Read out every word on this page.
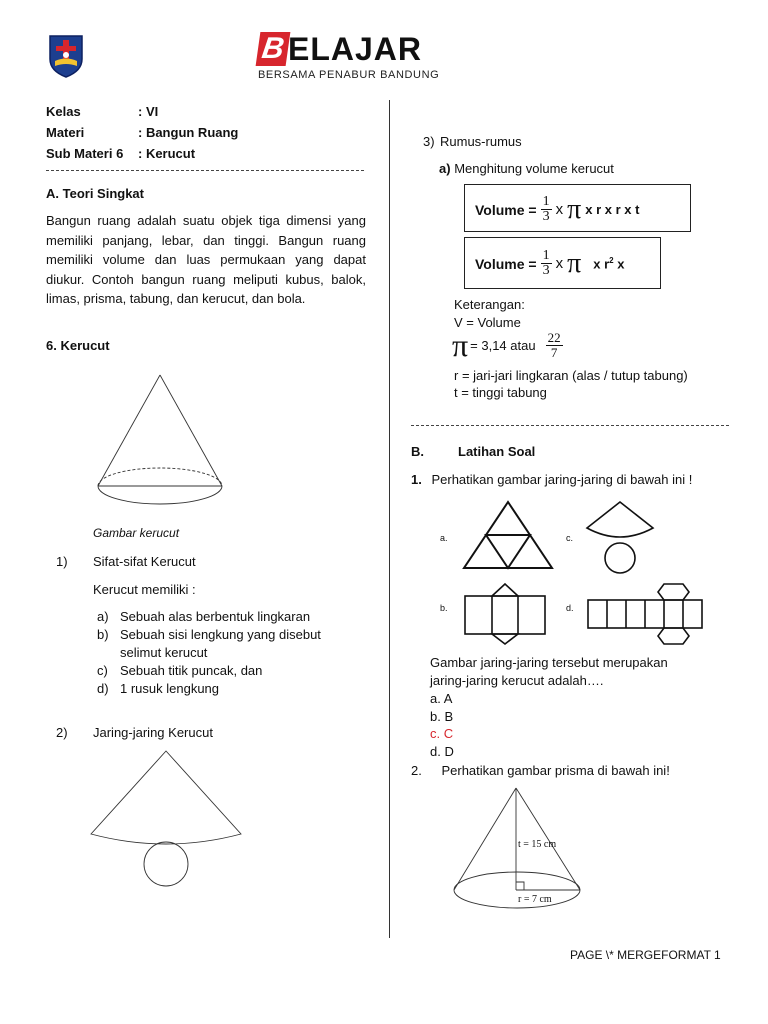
BELAJAR
BERSAMA PENABUR BANDUNG
Kelas	: VI
Materi	: Bangun Ruang
Sub Materi 6 : Kerucut
A. Teori Singkat
Bangun ruang adalah suatu objek tiga dimensi yang memiliki panjang, lebar, dan tinggi. Bangun ruang memiliki volume dan luas permukaan yang dapat diukur. Contoh bangun ruang meliputi kubus, balok, limas, prisma, tabung, dan kerucut, dan bola.
6. Kerucut
Gambar kerucut
1) Sifat-sifat Kerucut
Kerucut memiliki :
a) Sebuah alas berbentuk lingkaran
b) Sebuah sisi lengkung yang disebut
selimut kerucut
c) Sebuah titik puncak, dan
d) 1 rusuk lengkung
2) Jaring-jaring Kerucut
3) Rumus-rumus
a) Menghitung volume kerucut
Volume = $\frac{1}{3}$ x π x r x r x t
Volume = $\frac{1}{3}$ x π x $r^2$ x
Keterangan:
V = Volume
π = 3,14 atau $\frac{22}{7}$
r = jari-jari lingkaran (alas / tutup tabung)
t = tinggi tabung
B.	Latihan Soal
1. Perhatikan gambar jaring-jaring di bawah ini !
a.	c.
b.	d.
Gambar jaring-jaring tersebut merupakan
jaring-jaring kerucut adalah….
a. A
b. B
c. C
d. D
2. Perhatikan gambar prisma di bawah ini!
t = 15 cm
r = 7 cm
PAGE \* MERGEFORMAT 1
